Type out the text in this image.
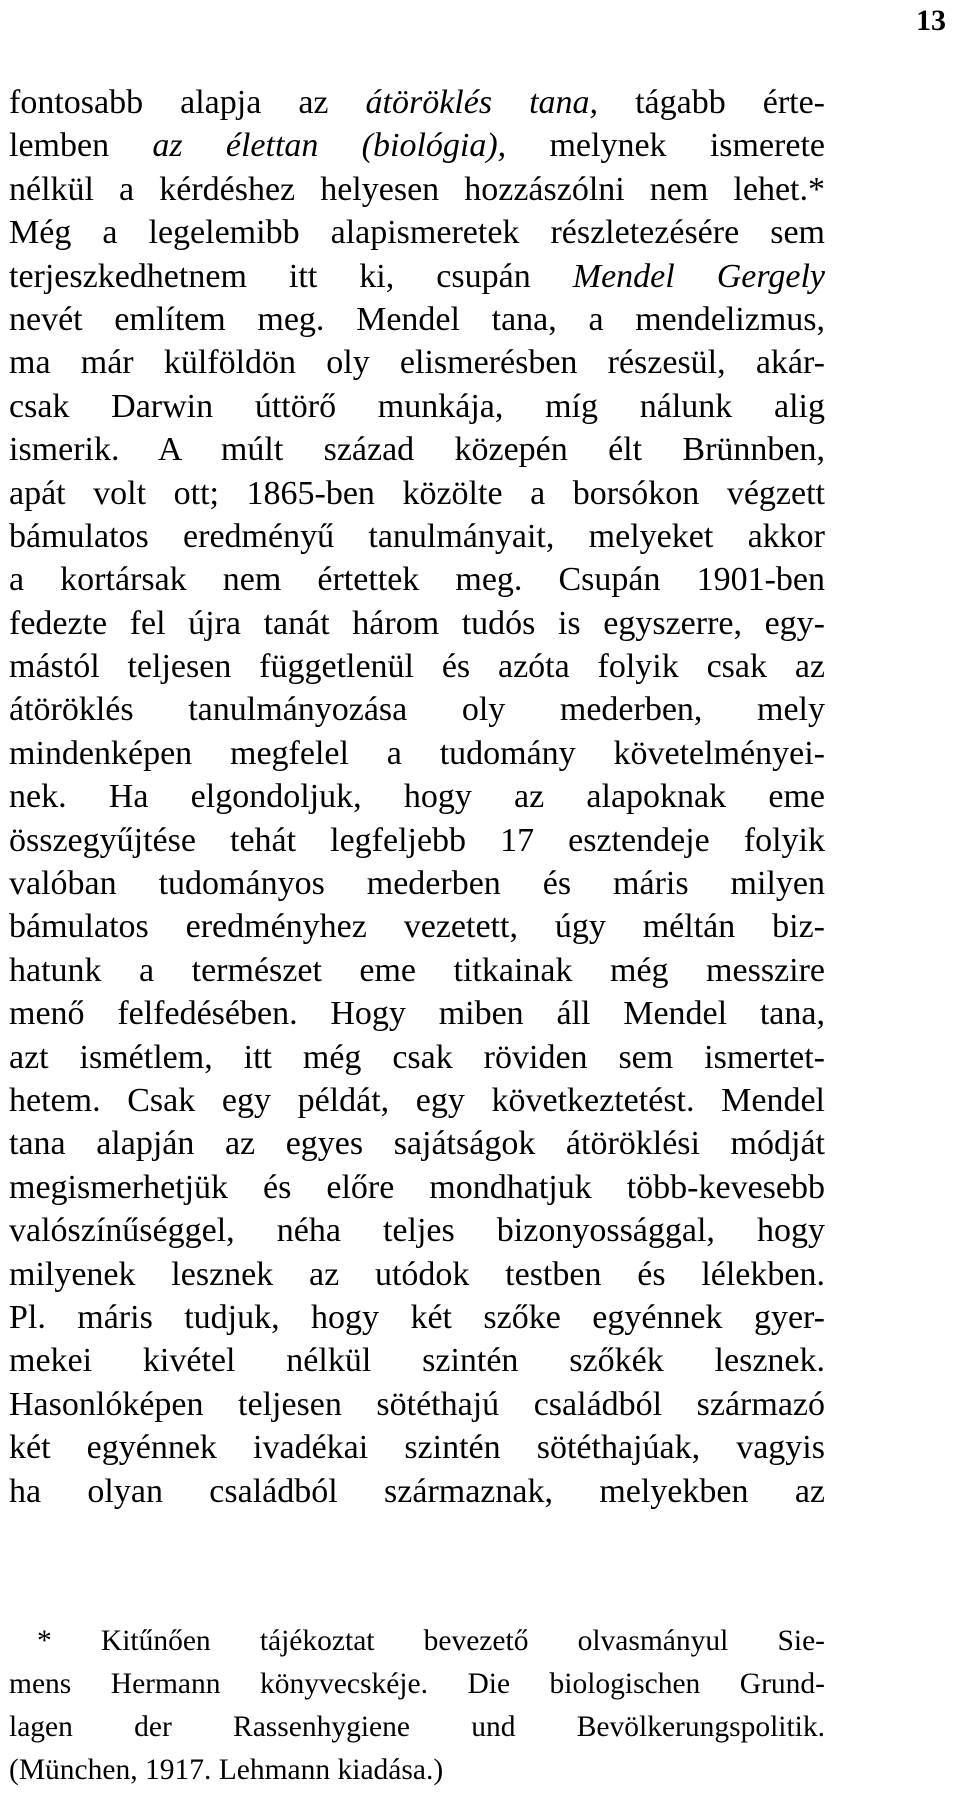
13
fontosabb alapja az átöröklés tana, tágabb érte-
lemben az élettan (biológia), melynek ismerete
nélkül a kérdéshez helyesen hozzászólni nem lehet.*
Még a legelemibb alapismeretek részletezésére sem
terjeszkedhetnem itt ki, csupán Mendel Gergely
nevét említem meg. Mendel tana, a mendelizmus,
ma már külföldön oly elismerésben részesül, akár-
csak Darwin úttörő munkája, míg nálunk alig
ismerik. A múlt század közepén élt Brünnben,
apát volt ott; 1865-ben közölte a borsókon végzett
bámulatos eredményű tanulmányait, melyeket akkor
a kortársak nem értettek meg. Csupán 1901-ben
fedezte fel újra tanát három tudós is egyszerre, egy-
mástól teljesen függetlenül és azóta folyik csak az
átöröklés tanulmányozása oly mederben, mely
mindenképen megfelel a tudomány követelményei-
nek. Ha elgondoljuk, hogy az alapoknak eme
összegyűjtése tehát legfeljebb 17 esztendeje folyik
valóban tudományos mederben és máris milyen
bámulatos eredményhez vezetett, úgy méltán biz-
hatunk a természet eme titkainak még messzire
menő felfedésében. Hogy miben áll Mendel tana,
azt ismétlem, itt még csak röviden sem ismertet-
hetem. Csak egy példát, egy következtetést. Mendel
tana alapján az egyes sajátságok átöröklési módját
megismerhetjük és előre mondhatjuk több-kevesebb
valószínűséggel, néha teljes bizonyossággal, hogy
milyenek lesznek az utódok testben és lélekben.
Pl. máris tudjuk, hogy két szőke egyénnek gyer-
mekei kivétel nélkül szintén szőkék lesznek.
Hasonlóképen teljesen sötéthajú családból származó
két egyénnek ivadékai szintén sötéthajúak, vagyis
ha olyan családból származnak, melyekben az
* Kitűnően tájékoztat bevezető olvasmányul Sie-
mens Hermann könyvecskéje. Die biologischen Grund-
lagen der Rassenhygiene und Bevölkerungspolitik.
(München, 1917. Lehmann kiadása.)
